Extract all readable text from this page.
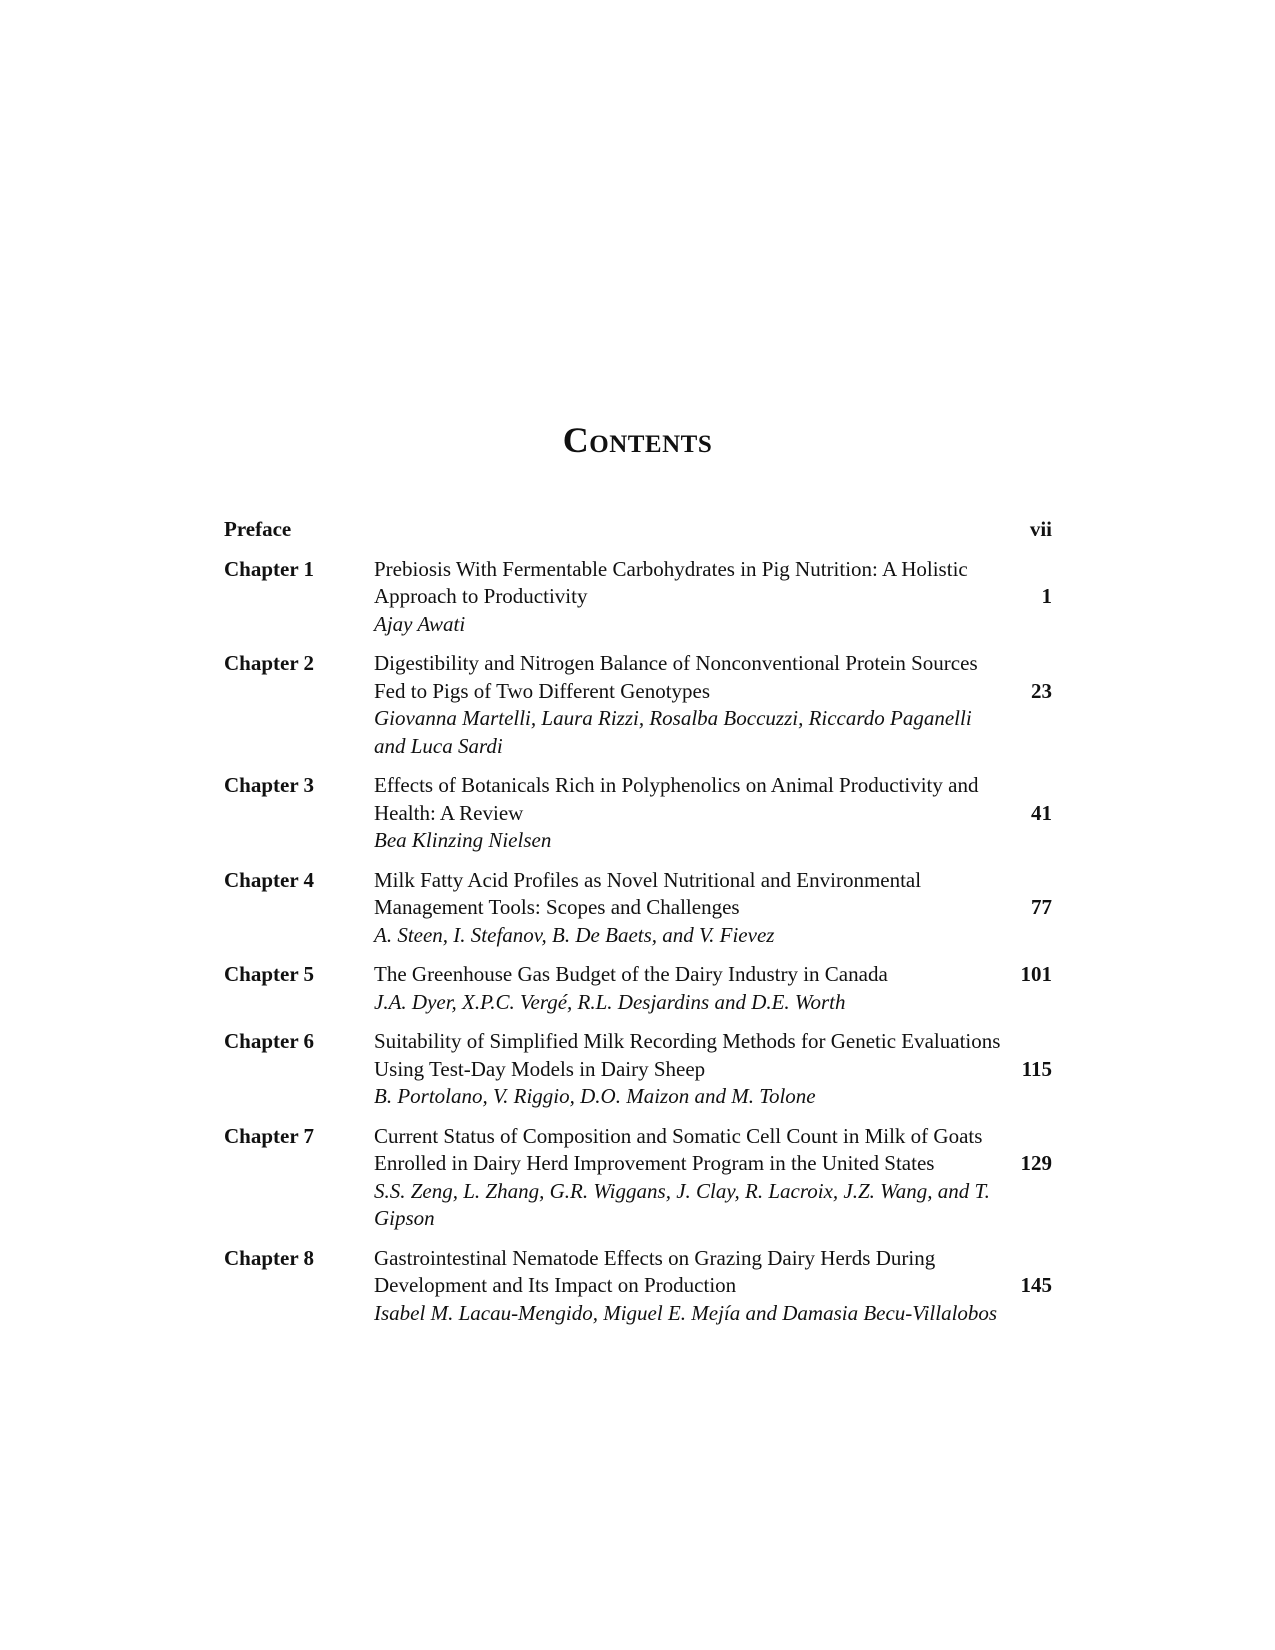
Contents
Preface	vii
Chapter 1	Prebiosis With Fermentable Carbohydrates in Pig Nutrition: A Holistic Approach to Productivity	1
Ajay Awati
Chapter 2	Digestibility and Nitrogen Balance of Nonconventional Protein Sources Fed to Pigs of Two Different Genotypes	23
Giovanna Martelli, Laura Rizzi, Rosalba Boccuzzi, Riccardo Paganelli and Luca Sardi
Chapter 3	Effects of Botanicals Rich in Polyphenolics on Animal Productivity and Health: A Review	41
Bea Klinzing Nielsen
Chapter 4	Milk Fatty Acid Profiles as Novel Nutritional and Environmental Management Tools: Scopes and Challenges	77
A. Steen, I. Stefanov, B. De Baets, and V. Fievez
Chapter 5	The Greenhouse Gas Budget of the Dairy Industry in Canada	101
J.A. Dyer, X.P.C. Vergé, R.L. Desjardins and D.E. Worth
Chapter 6	Suitability of Simplified Milk Recording Methods for Genetic Evaluations Using Test-Day Models in Dairy Sheep	115
B. Portolano, V. Riggio, D.O. Maizon and M. Tolone
Chapter 7	Current Status of Composition and Somatic Cell Count in Milk of Goats Enrolled in Dairy Herd Improvement Program in the United States	129
S.S. Zeng, L. Zhang, G.R. Wiggans, J. Clay, R. Lacroix, J.Z. Wang, and T. Gipson
Chapter 8	Gastrointestinal Nematode Effects on Grazing Dairy Herds During Development and Its Impact on Production	145
Isabel M. Lacau-Mengido, Miguel E. Mejía and Damasia Becu-Villalobos
